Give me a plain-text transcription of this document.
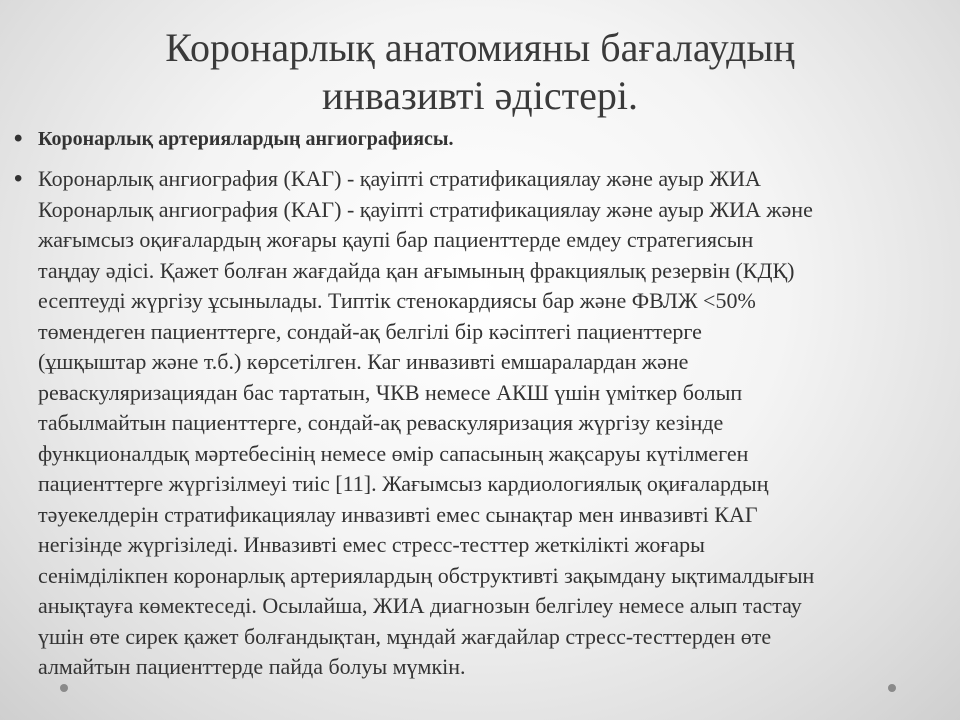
Коронарлық анатомияны бағалаудың
инвазивті әдістері.
• Коронарлық артериялардың ангиографиясы.
• Коронарлық ангиография (КАГ) - қауіпті стратификациялау және ауыр ЖИА
Коронарлық ангиография (КАГ) - қауіпті стратификациялау және ауыр ЖИА және
жағымсыз оқиғалардың жоғары қаупі бар пациенттерде емдеу стратегиясын
таңдау әдісі. Қажет болған жағдайда қан ағымының фракциялық резервін (КДҚ)
есептеуді жүргізу ұсынылады. Типтік стенокардиясы бар және ФВЛЖ <50%
төмендеген пациенттерге, сондай-ақ белгілі бір кәсіптегі пациенттерге
(ұшқыштар және т.б.) көрсетілген. Каг инвазивті емшаралардан және
реваскуляризациядан бас тартатын, ЧКВ немесе АКШ үшін үміткер болып
табылмайтын пациенттерге, сондай-ақ реваскуляризация жүргізу кезінде
функционалдық мәртебесінің немесе өмір сапасының жақсаруы күтілмеген
пациенттерге жүргізілмеуі тиіс [11]. Жағымсыз кардиологиялық оқиғалардың
тәуекелдерін стратификациялау инвазивті емес сынақтар мен инвазивті КАГ
негізінде жүргізіледі. Инвазивті емес стресс-тесттер жеткілікті жоғары
сенімділікпен коронарлық артериялардың обструктивті зақымдану ықтималдығын
анықтауға көмектеседі. Осылайша, ЖИА диагнозын белгілеу немесе алып тастау
үшін өте сирек қажет болғандықтан, мұндай жағдайлар стресс-тесттерден өте
алмайтын пациенттерде пайда болуы мүмкін.
